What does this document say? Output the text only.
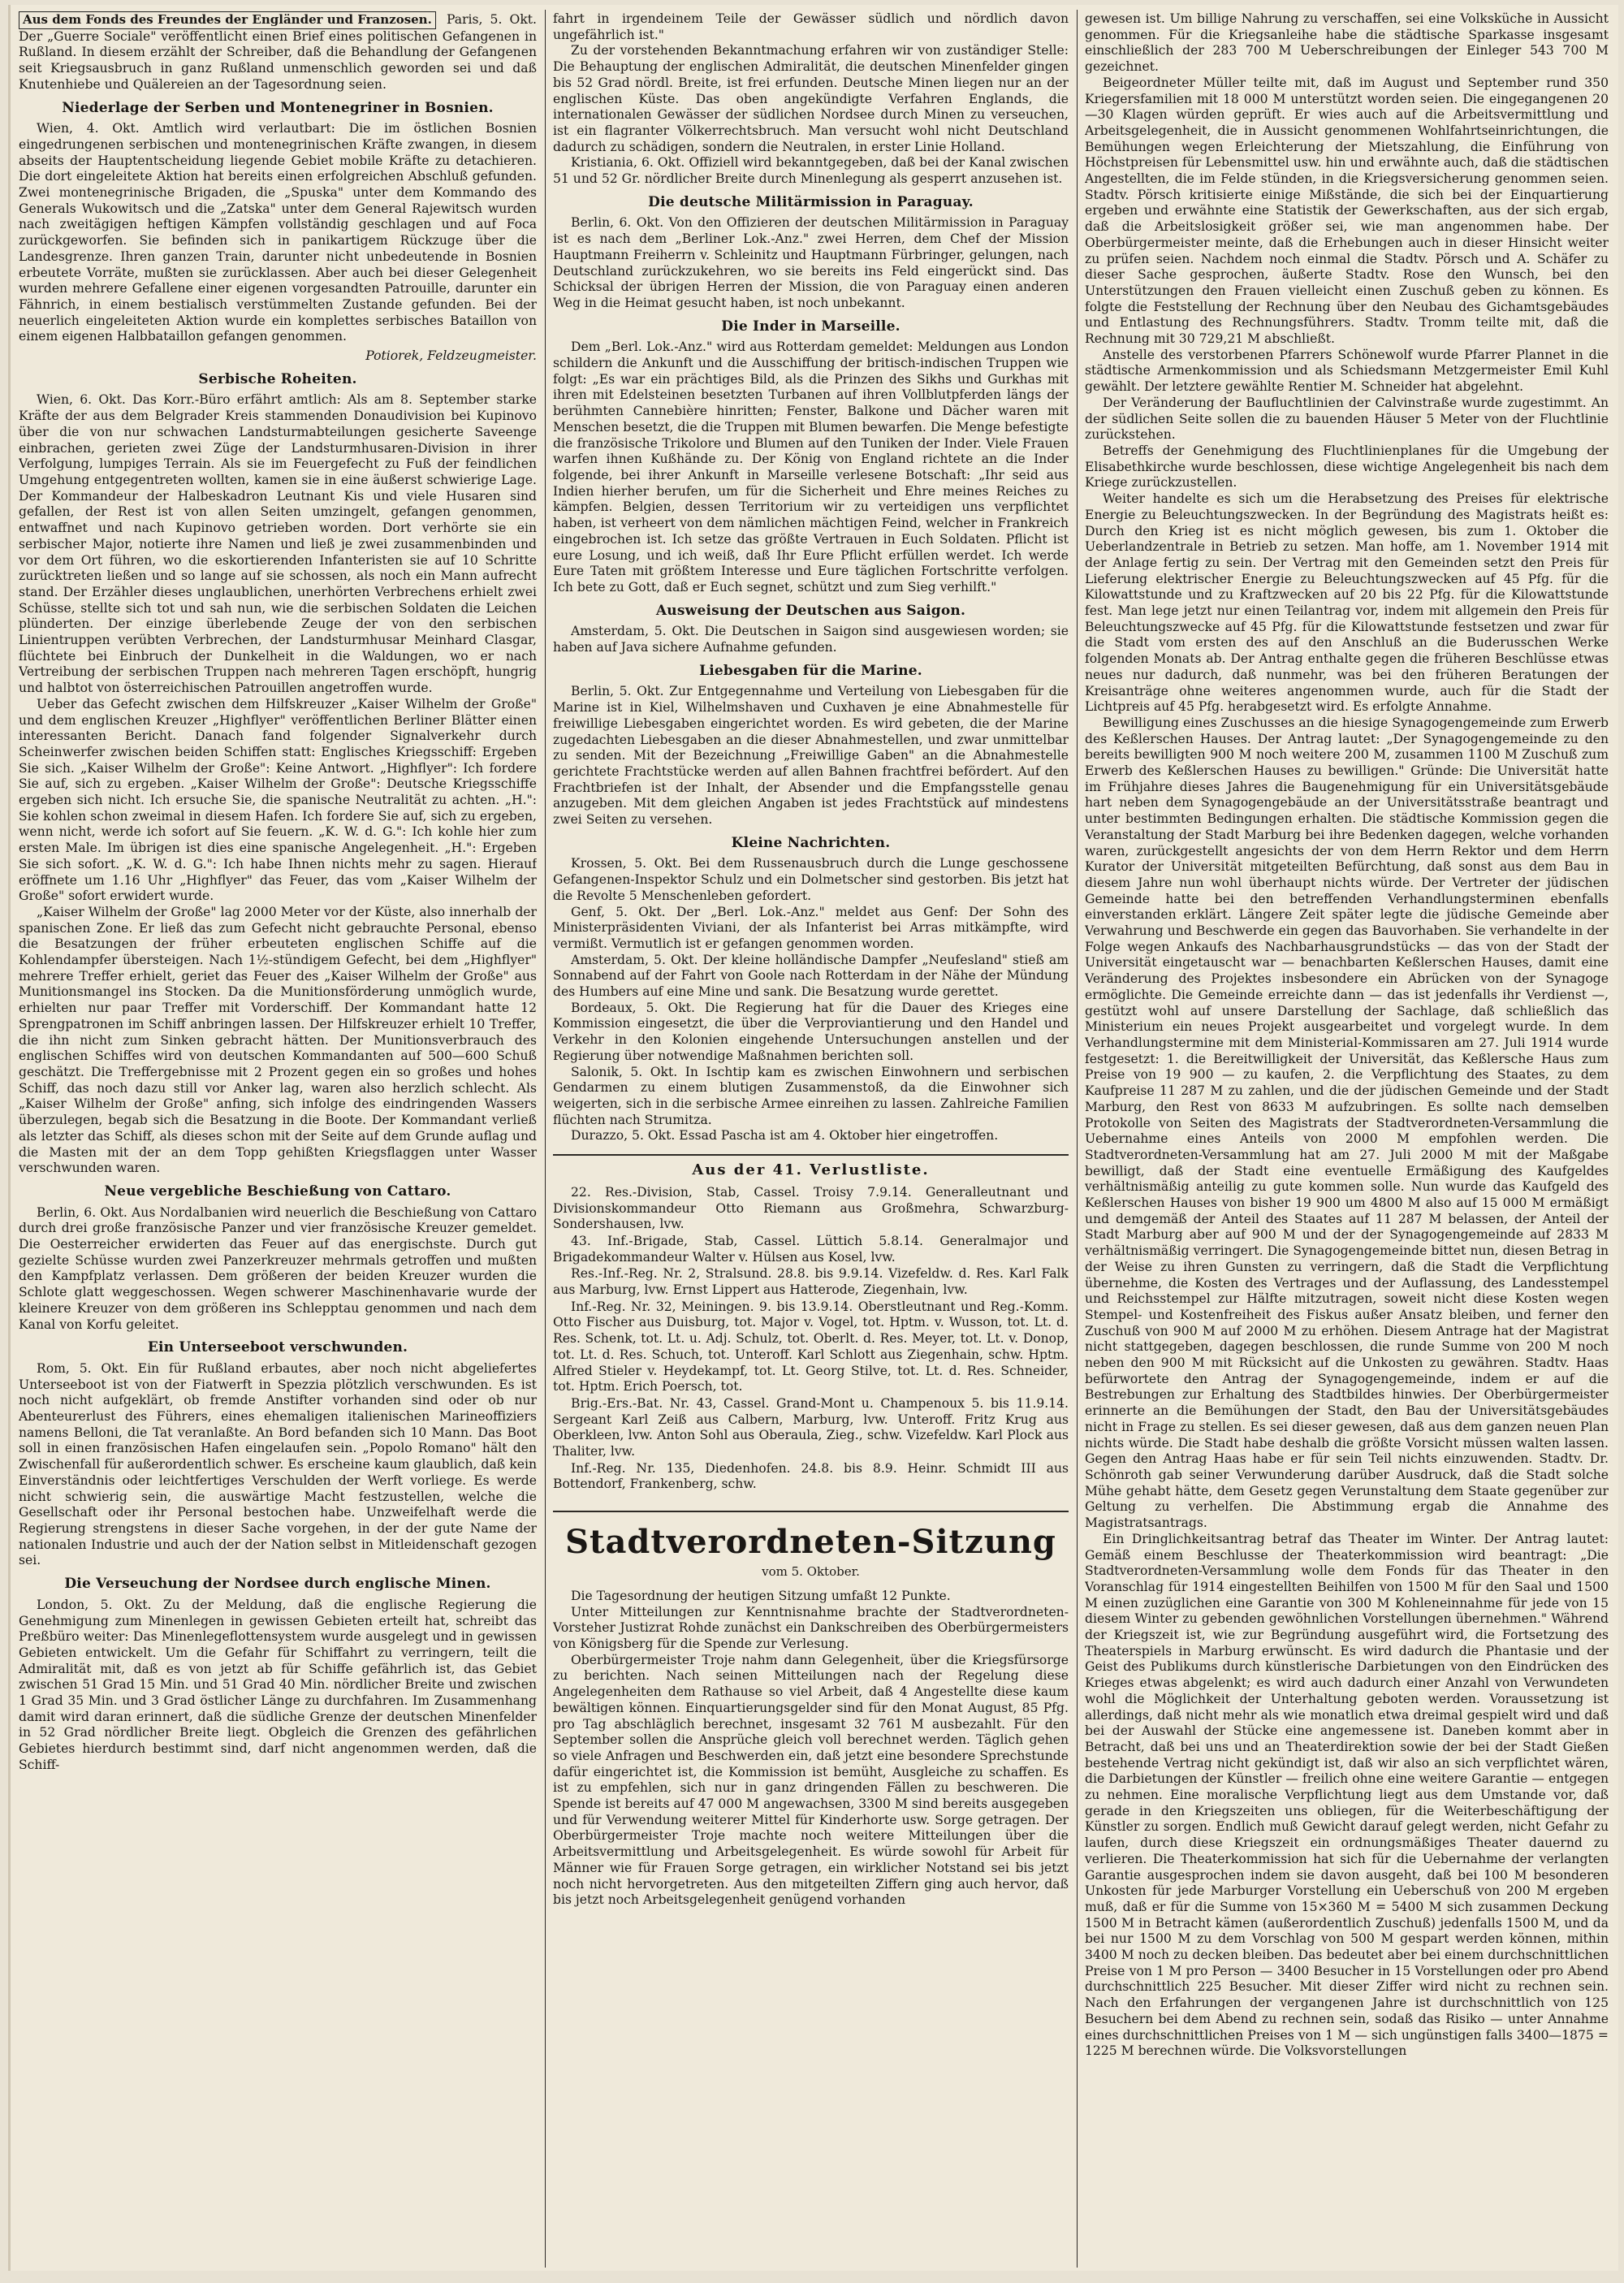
Aus dem Fonds des Freundes der Engländer und Franzosen. Paris, 5. Okt. Der „Guerre Sociale" veröffentlicht einen Brief eines politischen Gefangenen in Rußland. In diesem erzählt der Schreiber, daß die Behandlung der Gefangenen seit Kriegsausbruch in ganz Rußland unmenschlich geworden sei und daß Knutenhiebe und Quälereien an der Tagesordnung seien.

Niederlage der Serben und Montenegriner in Bosnien.

Wien, 4. Okt. Amtlich wird verlautbart: Die im östlichen Bosnien eingedrungenen serbischen und montenegrinischen Kräfte zwangen, in diesem abseits der Hauptentscheidung liegende Gebiet mobile Kräfte zu detachieren. Die dort eingeleitete Aktion hat bereits einen erfolgreichen Abschluß gefunden. Zwei montenegrinische Brigaden, die „Spuska" unter dem Kommando des Generals Wukowitsch und die „Zatska" unter dem General Rajewitsch wurden nach zweitägigen heftigen Kämpfen vollständig geschlagen und auf Foca zurückgeworfen. Sie befinden sich in panikartigem Rückzuge über die Landesgrenze. Ihren ganzen Train, darunter nicht unbedeutende in Bosnien erbeutete Vorräte, mußten sie zurücklassen. Aber auch bei dieser Gelegenheit wurden mehrere Gefallene einer eigenen vorgesandten Patrouille, darunter ein Fähnrich, in einem bestialisch verstümmelten Zustande gefunden. Bei der neuerlich eingeleiteten Aktion wurde ein komplettes serbisches Bataillon von einem eigenen Halbbataillon gefangen genommen.

Potiorek, Feldzeugmeister.
Serbische Roheiten.

Wien, 6. Okt. Das Korr.-Büro erfährt amtlich: Als am 8. September starke Kräfte der aus dem Belgrader Kreis stammenden Donaudivision bei Kupinovo über die von nur schwachen Landsturmabteilungen gesicherte Saveenge einbrachen, gerieten zwei Züge der Landsturmhusaren-Division in ihrer Verfolgung, lumpiges Terrain. Als sie im Feuergefecht zu Fuß der feindlichen Umgehung entgegentreten wollten, kamen sie in eine äußerst schwierige Lage. Der Kommandeur der Halbeskadron Leutnant Kis und viele Husaren sind gefallen, der Rest ist von allen Seiten umzingelt, gefangen genommen, entwaffnet und nach Kupinovo getrieben worden. Dort verhörte sie ein serbischer Major, notierte ihre Namen und ließ je zwei zusammenbinden und vor dem Ort führen, wo die eskortierenden Infanteristen sie auf 10 Schritte zurücktreten ließen und so lange auf sie schossen, als noch ein Mann aufrecht stand. Der Erzähler dieses unglaublichen, unerhörten Verbrechens erhielt zwei Schüsse, stellte sich tot und sah nun, wie die serbischen Soldaten die Leichen plünderten. Der einzige überlebende Zeuge der von den serbischen Linientruppen verübten Verbrechen, der Landsturmhusar Meinhard Clasgar, flüchtete bei Einbruch der Dunkelheit in die Waldungen, wo er nach Vertreibung der serbischen Truppen nach mehreren Tagen erschöpft, hungrig und halbtot von österreichischen Patrouillen angetroffen wurde.

Ueber das Gefecht zwischen dem Hilfskreuzer „Kaiser Wilhelm der Große" und dem englischen Kreuzer „Highflyer" veröffentlichen Berliner Blätter einen interessanten Bericht. Danach fand folgender Signalverkehr durch Scheinwerfer zwischen beiden Schiffen statt: Englisches Kriegsschiff: Ergeben Sie sich. „Kaiser Wilhelm der Große": Keine Antwort. „Highflyer": Ich fordere Sie auf, sich zu ergeben. „Kaiser Wilhelm der Große": Deutsche Kriegsschiffe ergeben sich nicht. Ich ersuche Sie, die spanische Neutralität zu achten. „H.": Sie kohlen schon zweimal in diesem Hafen. Ich fordere Sie auf, sich zu ergeben, wenn nicht, werde ich sofort auf Sie feuern. „K. W. d. G.": Ich kohle hier zum ersten Male. Im übrigen ist dies eine spanische Angelegenheit. „H.": Ergeben Sie sich sofort. „K. W. d. G.": Ich habe Ihnen nichts mehr zu sagen. Hierauf eröffnete um 1.16 Uhr „Highflyer" das Feuer, das vom „Kaiser Wilhelm der Große" sofort erwidert wurde.

„Kaiser Wilhelm der Große" lag 2000 Meter vor der Küste, also innerhalb der spanischen Zone. Er ließ das zum Gefecht nicht gebrauchte Personal, ebenso die Besatzungen der früher erbeuteten englischen Schiffe auf die Kohlendampfer übersteigen. Nach 1½-stündigem Gefecht, bei dem „Highflyer" mehrere Treffer erhielt, geriet das Feuer des „Kaiser Wilhelm der Große" aus Munitionsmangel ins Stocken. Da die Munitionsförderung unmöglich wurde, erhielten nur paar Treffer mit Vorderschiff. Der Kommandant hatte 12 Sprengpatronen im Schiff anbringen lassen. Der Hilfskreuzer erhielt 10 Treffer, die ihn nicht zum Sinken gebracht hätten. Der Munitionsverbrauch des englischen Schiffes wird von deutschen Kommandanten auf 500—600 Schuß geschätzt. Die Treffergebnisse mit 2 Prozent gegen ein so großes und hohes Schiff, das noch dazu still vor Anker lag, waren also herzlich schlecht. Als „Kaiser Wilhelm der Große" anfing, sich infolge des eindringenden Wassers überzulegen, begab sich die Besatzung in die Boote. Der Kommandant verließ als letzter das Schiff, als dieses schon mit der Seite auf dem Grunde auflag und die Masten mit der an dem Topp gehißten Kriegsflaggen unter Wasser verschwunden waren.

Neue vergebliche Beschießung von Cattaro.

Berlin, 6. Okt. Aus Nordalbanien wird neuerlich die Beschießung von Cattaro durch drei große französische Panzer und vier französische Kreuzer gemeldet. Die Oesterreicher erwiderten das Feuer auf das energischste. Durch gut gezielte Schüsse wurden zwei Panzerkreuzer mehrmals getroffen und mußten den Kampfplatz verlassen. Dem größeren der beiden Kreuzer wurden die Schlote glatt weggeschossen. Wegen schwerer Maschinenhavarie wurde der kleinere Kreuzer von dem größeren ins Schlepptau genommen und nach dem Kanal von Korfu geleitet.

Ein Unterseeboot verschwunden.

Rom, 5. Okt. Ein für Rußland erbautes, aber noch nicht abgeliefertes Unterseeboot ist von der Fiatwerft in Spezzia plötzlich verschwunden. Es ist noch nicht aufgeklärt, ob fremde Anstifter vorhanden sind oder ob nur Abenteurerlust des Führers, eines ehemaligen italienischen Marineoffiziers namens Belloni, die Tat veranlaßte. An Bord befanden sich 10 Mann. Das Boot soll in einen französischen Hafen eingelaufen sein. „Popolo Romano" hält den Zwischenfall für außerordentlich schwer. Es erscheine kaum glaublich, daß kein Einverständnis oder leichtfertiges Verschulden der Werft vorliege. Es werde nicht schwierig sein, die auswärtige Macht festzustellen, welche die Gesellschaft oder ihr Personal bestochen habe. Unzweifelhaft werde die Regierung strengstens in dieser Sache vorgehen, in der der gute Name der nationalen Industrie und auch der der Nation selbst in Mitleidenschaft gezogen sei.

Die Verseuchung der Nordsee durch englische Minen.

London, 5. Okt. Zu der Meldung, daß die englische Regierung die Genehmigung zum Minenlegen in gewissen Gebieten erteilt hat, schreibt das Preßbüro weiter: Das Minenlegeflottensystem wurde ausgelegt und in gewissen Gebieten entwickelt. Um die Gefahr für Schiffahrt zu verringern, teilt die Admiralität mit, daß es von jetzt ab für Schiffe gefährlich ist, das Gebiet zwischen 51 Grad 15 Min. und 51 Grad 40 Min. nördlicher Breite und zwischen 1 Grad 35 Min. und 3 Grad östlicher Länge zu durchfahren. Im Zusammenhang damit wird daran erinnert, daß die südliche Grenze der deutschen Minenfelder in 52 Grad nördlicher Breite liegt. Obgleich die Grenzen des gefährlichen Gebietes hierdurch bestimmt sind, darf nicht angenommen werden, daß die Schiff-

fahrt in irgendeinem Teile der Gewässer südlich und nördlich davon ungefährlich ist."

Zu der vorstehenden Bekanntmachung erfahren wir von zuständiger Stelle: Die Behauptung der englischen Admiralität, die deutschen Minenfelder gingen bis 52 Grad nördl. Breite, ist frei erfunden. Deutsche Minen liegen nur an der englischen Küste. Das oben angekündigte Verfahren Englands, die internationalen Gewässer der südlichen Nordsee durch Minen zu verseuchen, ist ein flagranter Völkerrechtsbruch. Man versucht wohl nicht Deutschland dadurch zu schädigen, sondern die Neutralen, in erster Linie Holland.

Kristiania, 6. Okt. Offiziell wird bekanntgegeben, daß bei der Kanal zwischen 51 und 52 Gr. nördlicher Breite durch Minenlegung als gesperrt anzusehen ist.

Die deutsche Militärmission in Paraguay.

Berlin, 6. Okt. Von den Offizieren der deutschen Militärmission in Paraguay ist es nach dem „Berliner Lok.-Anz." zwei Herren, dem Chef der Mission Hauptmann Freiherrn v. Schleinitz und Hauptmann Fürbringer, gelungen, nach Deutschland zurückzukehren, wo sie bereits ins Feld eingerückt sind. Das Schicksal der übrigen Herren der Mission, die von Paraguay einen anderen Weg in die Heimat gesucht haben, ist noch unbekannt.

Die Inder in Marseille.

Dem „Berl. Lok.-Anz." wird aus Rotterdam gemeldet: Meldungen aus London schildern die Ankunft und die Ausschiffung der britisch-indischen Truppen wie folgt: „Es war ein prächtiges Bild, als die Prinzen des Sikhs und Gurkhas mit ihren mit Edelsteinen besetzten Turbanen auf ihren Vollblutpferden längs der berühmten Cannebière hinritten; Fenster, Balkone und Dächer waren mit Menschen besetzt, die die Truppen mit Blumen bewarfen. Die Menge befestigte die französische Trikolore und Blumen auf den Tuniken der Inder. Viele Frauen warfen ihnen Kußhände zu. Der König von England richtete an die Inder folgende, bei ihrer Ankunft in Marseille verlesene Botschaft: „Ihr seid aus Indien hierher berufen, um für die Sicherheit und Ehre meines Reiches zu kämpfen. Belgien, dessen Territorium wir zu verteidigen uns verpflichtet haben, ist verheert von dem nämlichen mächtigen Feind, welcher in Frankreich eingebrochen ist. Ich setze das größte Vertrauen in Euch Soldaten. Pflicht ist eure Losung, und ich weiß, daß Ihr Eure Pflicht erfüllen werdet. Ich werde Eure Taten mit größtem Interesse und Eure täglichen Fortschritte verfolgen. Ich bete zu Gott, daß er Euch segnet, schützt und zum Sieg verhilft."

Ausweisung der Deutschen aus Saigon.

Amsterdam, 5. Okt. Die Deutschen in Saigon sind ausgewiesen worden; sie haben auf Java sichere Aufnahme gefunden.

Liebesgaben für die Marine.

Berlin, 5. Okt. Zur Entgegennahme und Verteilung von Liebesgaben für die Marine ist in Kiel, Wilhelmshaven und Cuxhaven je eine Abnahmestelle für freiwillige Liebesgaben eingerichtet worden. Es wird gebeten, die der Marine zugedachten Liebesgaben an die dieser Abnahmestellen, und zwar unmittelbar zu senden. Mit der Bezeichnung „Freiwillige Gaben" an die Abnahmestelle gerichtete Frachtstücke werden auf allen Bahnen frachtfrei befördert. Auf den Frachtbriefen ist der Inhalt, der Absender und die Empfangsstelle genau anzugeben. Mit dem gleichen Angaben ist jedes Frachtstück auf mindestens zwei Seiten zu versehen.

Kleine Nachrichten.

Krossen, 5. Okt. Bei dem Russenausbruch durch die Lunge geschossene Gefangenen-Inspektor Schulz und ein Dolmetscher sind gestorben. Bis jetzt hat die Revolte 5 Menschenleben gefordert.

Genf, 5. Okt. Der „Berl. Lok.-Anz." meldet aus Genf: Der Sohn des Ministerpräsidenten Viviani, der als Infanterist bei Arras mitkämpfte, wird vermißt. Vermutlich ist er gefangen genommen worden.

Amsterdam, 5. Okt. Der kleine holländische Dampfer „Neufesland" stieß am Sonnabend auf der Fahrt von Goole nach Rotterdam in der Nähe der Mündung des Humbers auf eine Mine und sank. Die Besatzung wurde gerettet.

Bordeaux, 5. Okt. Die Regierung hat für die Dauer des Krieges eine Kommission eingesetzt, die über die Verproviantierung und den Handel und Verkehr in den Kolonien eingehende Untersuchungen anstellen und der Regierung über notwendige Maßnahmen berichten soll.

Salonik, 5. Okt. In Ischtip kam es zwischen Einwohnern und serbischen Gendarmen zu einem blutigen Zusammenstoß, da die Einwohner sich weigerten, sich in die serbische Armee einreihen zu lassen. Zahlreiche Familien flüchten nach Strumitza.

Durazzo, 5. Okt. Essad Pascha ist am 4. Oktober hier eingetroffen.

Aus der 41. Verlustliste.

22. Res.-Division, Stab, Cassel. Troisy 7.9.14. Generalleutnant und Divisionskommandeur Otto Riemann aus Großmehra, Schwarzburg-Sondershausen, lvw.

43. Inf.-Brigade, Stab, Cassel. Lüttich 5.8.14. Generalmajor und Brigadekommandeur Walter v. Hülsen aus Kosel, lvw.

Res.-Inf.-Reg. Nr. 2, Stralsund. 28.8. bis 9.9.14. Vizefeldw. d. Res. Karl Falk aus Marburg, lvw. Ernst Lippert aus Hatterode, Ziegenhain, lvw.

Inf.-Reg. Nr. 32, Meiningen. 9. bis 13.9.14. Oberstleutnant und Reg.-Komm. Otto Fischer aus Duisburg, tot. Major v. Vogel, tot. Hptm. v. Wusson, tot. Lt. d. Res. Schenk, tot. Lt. u. Adj. Schulz, tot. Oberlt. d. Res. Meyer, tot. Lt. v. Donop, tot. Lt. d. Res. Schuch, tot. Unteroff. Karl Schlott aus Ziegenhain, schw. Hptm. Alfred Stieler v. Heydekampf, tot. Lt. Georg Stilve, tot. Lt. d. Res. Schneider, tot. Hptm. Erich Poersch, tot.

Brig.-Ers.-Bat. Nr. 43, Cassel. Grand-Mont u. Champenoux 5. bis 11.9.14. Sergeant Karl Zeiß aus Calbern, Marburg, lvw. Unteroff. Fritz Krug aus Oberkleen, lvw. Anton Sohl aus Oberaula, Zieg., schw. Vizefeldw. Karl Plock aus Thaliter, lvw.

Inf.-Reg. Nr. 135, Diedenhofen. 24.8. bis 8.9. Heinr. Schmidt III aus Bottendorf, Frankenberg, schw.

Stadtverordneten-Sitzung
vom 5. Oktober.

Die Tagesordnung der heutigen Sitzung umfaßt 12 Punkte.

Unter Mitteilungen zur Kenntnisnahme brachte der Stadtverordneten-Vorsteher Justizrat Rohde zunächst ein Dankschreiben des Oberbürgermeisters von Königsberg für die Spende zur Verlesung.

Oberbürgermeister Troje nahm dann Gelegenheit, über die Kriegsfürsorge zu berichten. Nach seinen Mitteilungen nach der Regelung diese Angelegenheiten dem Rathause so viel Arbeit, daß 4 Angestellte diese kaum bewältigen können. Einquartierungsgelder sind für den Monat August, 85 Pfg. pro Tag abschläglich berechnet, insgesamt 32 761 M ausbezahlt. Für den September sollen die Ansprüche gleich voll berechnet werden. Täglich gehen so viele Anfragen und Beschwerden ein, daß jetzt eine besondere Sprechstunde dafür eingerichtet ist, die Kommission ist bemüht, Ausgleiche zu schaffen. Es ist zu empfehlen, sich nur in ganz dringenden Fällen zu beschweren. Die Spende ist bereits auf 47 000 M angewachsen, 3300 M sind bereits ausgegeben und für Verwendung weiterer Mittel für Kinderhorte usw. Sorge getragen. Der Oberbürgermeister Troje machte noch weitere Mitteilungen über die Arbeitsvermittlung und Arbeitsgelegenheit. Es würde sowohl für Arbeit für Männer wie für Frauen Sorge getragen, ein wirklicher Notstand sei bis jetzt noch nicht hervorgetreten. Aus den mitgeteilten Ziffern ging auch hervor, daß bis jetzt noch Arbeitsgelegenheit genügend vorhanden

gewesen ist. Um billige Nahrung zu verschaffen, sei eine Volksküche in Aussicht genommen. Für die Kriegsanleihe habe die städtische Sparkasse insgesamt einschließlich der 283 700 M Ueberschreibungen der Einleger 543 700 M gezeichnet.

Beigeordneter Müller teilte mit, daß im August und September rund 350 Kriegersfamilien mit 18 000 M unterstützt worden seien. Die eingegangenen 20—30 Klagen würden geprüft. Er wies auch auf die Arbeitsvermittlung und Arbeitsgelegenheit, die in Aussicht genommenen Wohlfahrtseinrichtungen, die Bemühungen wegen Erleichterung der Mietszahlung, die Einführung von Höchstpreisen für Lebensmittel usw. hin und erwähnte auch, daß die städtischen Angestellten, die im Felde stünden, in die Kriegsversicherung genommen seien. Stadtv. Pörsch kritisierte einige Mißstände, die sich bei der Einquartierung ergeben und erwähnte eine Statistik der Gewerkschaften, aus der sich ergab, daß die Arbeitslosigkeit größer sei, wie man angenommen habe. Der Oberbürgermeister meinte, daß die Erhebungen auch in dieser Hinsicht weiter zu prüfen seien. Nachdem noch einmal die Stadtv. Pörsch und A. Schäfer zu dieser Sache gesprochen, äußerte Stadtv. Rose den Wunsch, bei den Unterstützungen den Frauen vielleicht einen Zuschuß geben zu können. Es folgte die Feststellung der Rechnung über den Neubau des Gichamtsgebäudes und Entlastung des Rechnungsführers. Stadtv. Tromm teilte mit, daß die Rechnung mit 30 729,21 M abschließt.

Anstelle des verstorbenen Pfarrers Schönewolf wurde Pfarrer Plannet in die städtische Armenkommission und als Schiedsmann Metzgermeister Emil Kuhl gewählt. Der letztere gewählte Rentier M. Schneider hat abgelehnt.

Der Veränderung der Baufluchtlinien der Calvinstraße wurde zugestimmt. An der südlichen Seite sollen die zu bauenden Häuser 5 Meter von der Fluchtlinie zurückstehen.

Betreffs der Genehmigung des Fluchtlinienplanes für die Umgebung der Elisabethkirche wurde beschlossen, diese wichtige Angelegenheit bis nach dem Kriege zurückzustellen.

Weiter handelte es sich um die Herabsetzung des Preises für elektrische Energie zu Beleuchtungszwecken. In der Begründung des Magistrats heißt es: Durch den Krieg ist es nicht möglich gewesen, bis zum 1. Oktober die Ueberlandzentrale in Betrieb zu setzen. Man hoffe, am 1. November 1914 mit der Anlage fertig zu sein. Der Vertrag mit den Gemeinden setzt den Preis für Lieferung elektrischer Energie zu Beleuchtungszwecken auf 45 Pfg. für die Kilowattstunde und zu Kraftzwecken auf 20 bis 22 Pfg. für die Kilowattstunde fest. Man lege jetzt nur einen Teilantrag vor, indem mit allgemein den Preis für Beleuchtungszwecke auf 45 Pfg. für die Kilowattstunde festsetzen und zwar für die Stadt vom ersten des auf den Anschluß an die Buderusschen Werke folgenden Monats ab. Der Antrag enthalte gegen die früheren Beschlüsse etwas neues nur dadurch, daß nunmehr, was bei den früheren Beratungen der Kreisanträge ohne weiteres angenommen wurde, auch für die Stadt der Lichtpreis auf 45 Pfg. herabgesetzt wird. Es erfolgte Annahme.

Bewilligung eines Zuschusses an die hiesige Synagogengemeinde zum Erwerb des Keßlerschen Hauses. Der Antrag lautet: „Der Synagogengemeinde zu den bereits bewilligten 900 M noch weitere 200 M, zusammen 1100 M Zuschuß zum Erwerb des Keßlerschen Hauses zu bewilligen." Gründe: Die Universität hatte im Frühjahre dieses Jahres die Baugenehmigung für ein Universitätsgebäude hart neben dem Synagogengebäude an der Universitätsstraße beantragt und unter bestimmten Bedingungen erhalten. Die städtische Kommission gegen die Veranstaltung der Stadt Marburg bei ihre Bedenken dagegen, welche vorhanden waren, zurückgestellt angesichts der von dem Herrn Rektor und dem Herrn Kurator der Universität mitgeteilten Befürchtung, daß sonst aus dem Bau in diesem Jahre nun wohl überhaupt nichts würde. Der Vertreter der jüdischen Gemeinde hatte bei den betreffenden Verhandlungsterminen ebenfalls einverstanden erklärt. Längere Zeit später legte die jüdische Gemeinde aber Verwahrung und Beschwerde ein gegen das Bauvorhaben. Sie verhandelte in der Folge wegen Ankaufs des Nachbarhausgrundstücks — das von der Stadt der Universität eingetauscht war — benachbarten Keßlerschen Hauses, damit eine Veränderung des Projektes insbesondere ein Abrücken von der Synagoge ermöglichte. Die Gemeinde erreichte dann — das ist jedenfalls ihr Verdienst —, gestützt wohl auf unsere Darstellung der Sachlage, daß schließlich das Ministerium ein neues Projekt ausgearbeitet und vorgelegt wurde. In dem Verhandlungstermine mit dem Ministerial-Kommissaren am 27. Juli 1914 wurde festgesetzt: 1. die Bereitwilligkeit der Universität, das Keßlersche Haus zum Preise von 19 900 — zu kaufen, 2. die Verpflichtung des Staates, zu dem Kaufpreise 11 287 M zu zahlen, und die der jüdischen Gemeinde und der Stadt Marburg, den Rest von 8633 M aufzubringen. Es sollte nach demselben Protokolle von Seiten des Magistrats der Stadtverordneten-Versammlung die Uebernahme eines Anteils von 2000 M empfohlen werden. Die Stadtverordneten-Versammlung hat am 27. Juli 2000 M mit der Maßgabe bewilligt, daß der Stadt eine eventuelle Ermäßigung des Kaufgeldes verhältnismäßig anteilig zu gute kommen solle. Nun wurde das Kaufgeld des Keßlerschen Hauses von bisher 19 900 um 4800 M also auf 15 000 M ermäßigt und demgemäß der Anteil des Staates auf 11 287 M belassen, der Anteil der Stadt Marburg aber auf 900 M und der der Synagogengemeinde auf 2833 M verhältnismäßig verringert. Die Synagogengemeinde bittet nun, diesen Betrag in der Weise zu ihren Gunsten zu verringern, daß die Stadt die Verpflichtung übernehme, die Kosten des Vertrages und der Auflassung, des Landesstempel und Reichsstempel zur Hälfte mitzutragen, soweit nicht diese Kosten wegen Stempel- und Kostenfreiheit des Fiskus außer Ansatz bleiben, und ferner den Zuschuß von 900 M auf 2000 M zu erhöhen. Diesem Antrage hat der Magistrat nicht stattgegeben, dagegen beschlossen, die runde Summe von 200 M noch neben den 900 M mit Rücksicht auf die Unkosten zu gewähren. Stadtv. Haas befürwortete den Antrag der Synagogengemeinde, indem er auf die Bestrebungen zur Erhaltung des Stadtbildes hinwies. Der Oberbürgermeister erinnerte an die Bemühungen der Stadt, den Bau der Universitätsgebäudes nicht in Frage zu stellen. Es sei dieser gewesen, daß aus dem ganzen neuen Plan nichts würde. Die Stadt habe deshalb die größte Vorsicht müssen walten lassen. Gegen den Antrag Haas habe er für sein Teil nichts einzuwenden. Stadtv. Dr. Schönroth gab seiner Verwunderung darüber Ausdruck, daß die Stadt solche Mühe gehabt hätte, dem Gesetz gegen Verunstaltung dem Staate gegenüber zur Geltung zu verhelfen. Die Abstimmung ergab die Annahme des Magistratsantrags.

Ein Dringlichkeitsantrag betraf das Theater im Winter. Der Antrag lautet: Gemäß einem Beschlusse der Theaterkommission wird beantragt: „Die Stadtverordneten-Versammlung wolle dem Fonds für das Theater in den Voranschlag für 1914 eingestellten Beihilfen von 1500 M für den Saal und 1500 M einen zuzüglichen eine Garantie von 300 M Kohleneinnahme für jede von 15 diesem Winter zu gebenden gewöhnlichen Vorstellungen übernehmen." Während der Kriegszeit ist, wie zur Begründung ausgeführt wird, die Fortsetzung des Theaterspiels in Marburg erwünscht. Es wird dadurch die Phantasie und der Geist des Publikums durch künstlerische Darbietungen von den Eindrücken des Krieges etwas abgelenkt; es wird auch dadurch einer Anzahl von Verwundeten wohl die Möglichkeit der Unterhaltung geboten werden. Voraussetzung ist allerdings, daß nicht mehr als wie monatlich etwa dreimal gespielt wird und daß bei der Auswahl der Stücke eine angemessene ist. Daneben kommt aber in Betracht, daß bei uns und an Theaterdirektion sowie der bei der Stadt Gießen bestehende Vertrag nicht gekündigt ist, daß wir also an sich verpflichtet wären, die Darbietungen der Künstler — freilich ohne eine weitere Garantie — entgegen zu nehmen. Eine moralische Verpflichtung liegt aus dem Umstande vor, daß gerade in den Kriegszeiten uns obliegen, für die Weiterbeschäftigung der Künstler zu sorgen. Endlich muß Gewicht darauf gelegt werden, nicht Gefahr zu laufen, durch diese Kriegszeit ein ordnungsmäßiges Theater dauernd zu verlieren. Die Theaterkommission hat sich für die Uebernahme der verlangten Garantie ausgesprochen indem sie davon ausgeht, daß bei 100 M besonderen Unkosten für jede Marburger Vorstellung ein Ueberschuß von 200 M ergeben muß, daß er für die Summe von 15×360 M = 5400 M sich zusammen Deckung 1500 M in Betracht kämen (außerordentlich Zuschuß) jedenfalls 1500 M, und da bei nur 1500 M zu dem Vorschlag von 500 M gespart werden können, mithin 3400 M noch zu decken bleiben. Das bedeutet aber bei einem durchschnittlichen Preise von 1 M pro Person — 3400 Besucher in 15 Vorstellungen oder pro Abend durchschnittlich 225 Besucher. Mit dieser Ziffer wird nicht zu rechnen sein. Nach den Erfahrungen der vergangenen Jahre ist durchschnittlich von 125 Besuchern bei dem Abend zu rechnen sein, sodaß das Risiko — unter Annahme eines durchschnittlichen Preises von 1 M — sich ungünstigen falls 3400—1875 = 1225 M berechnen würde. Die Volksvorstellungen
